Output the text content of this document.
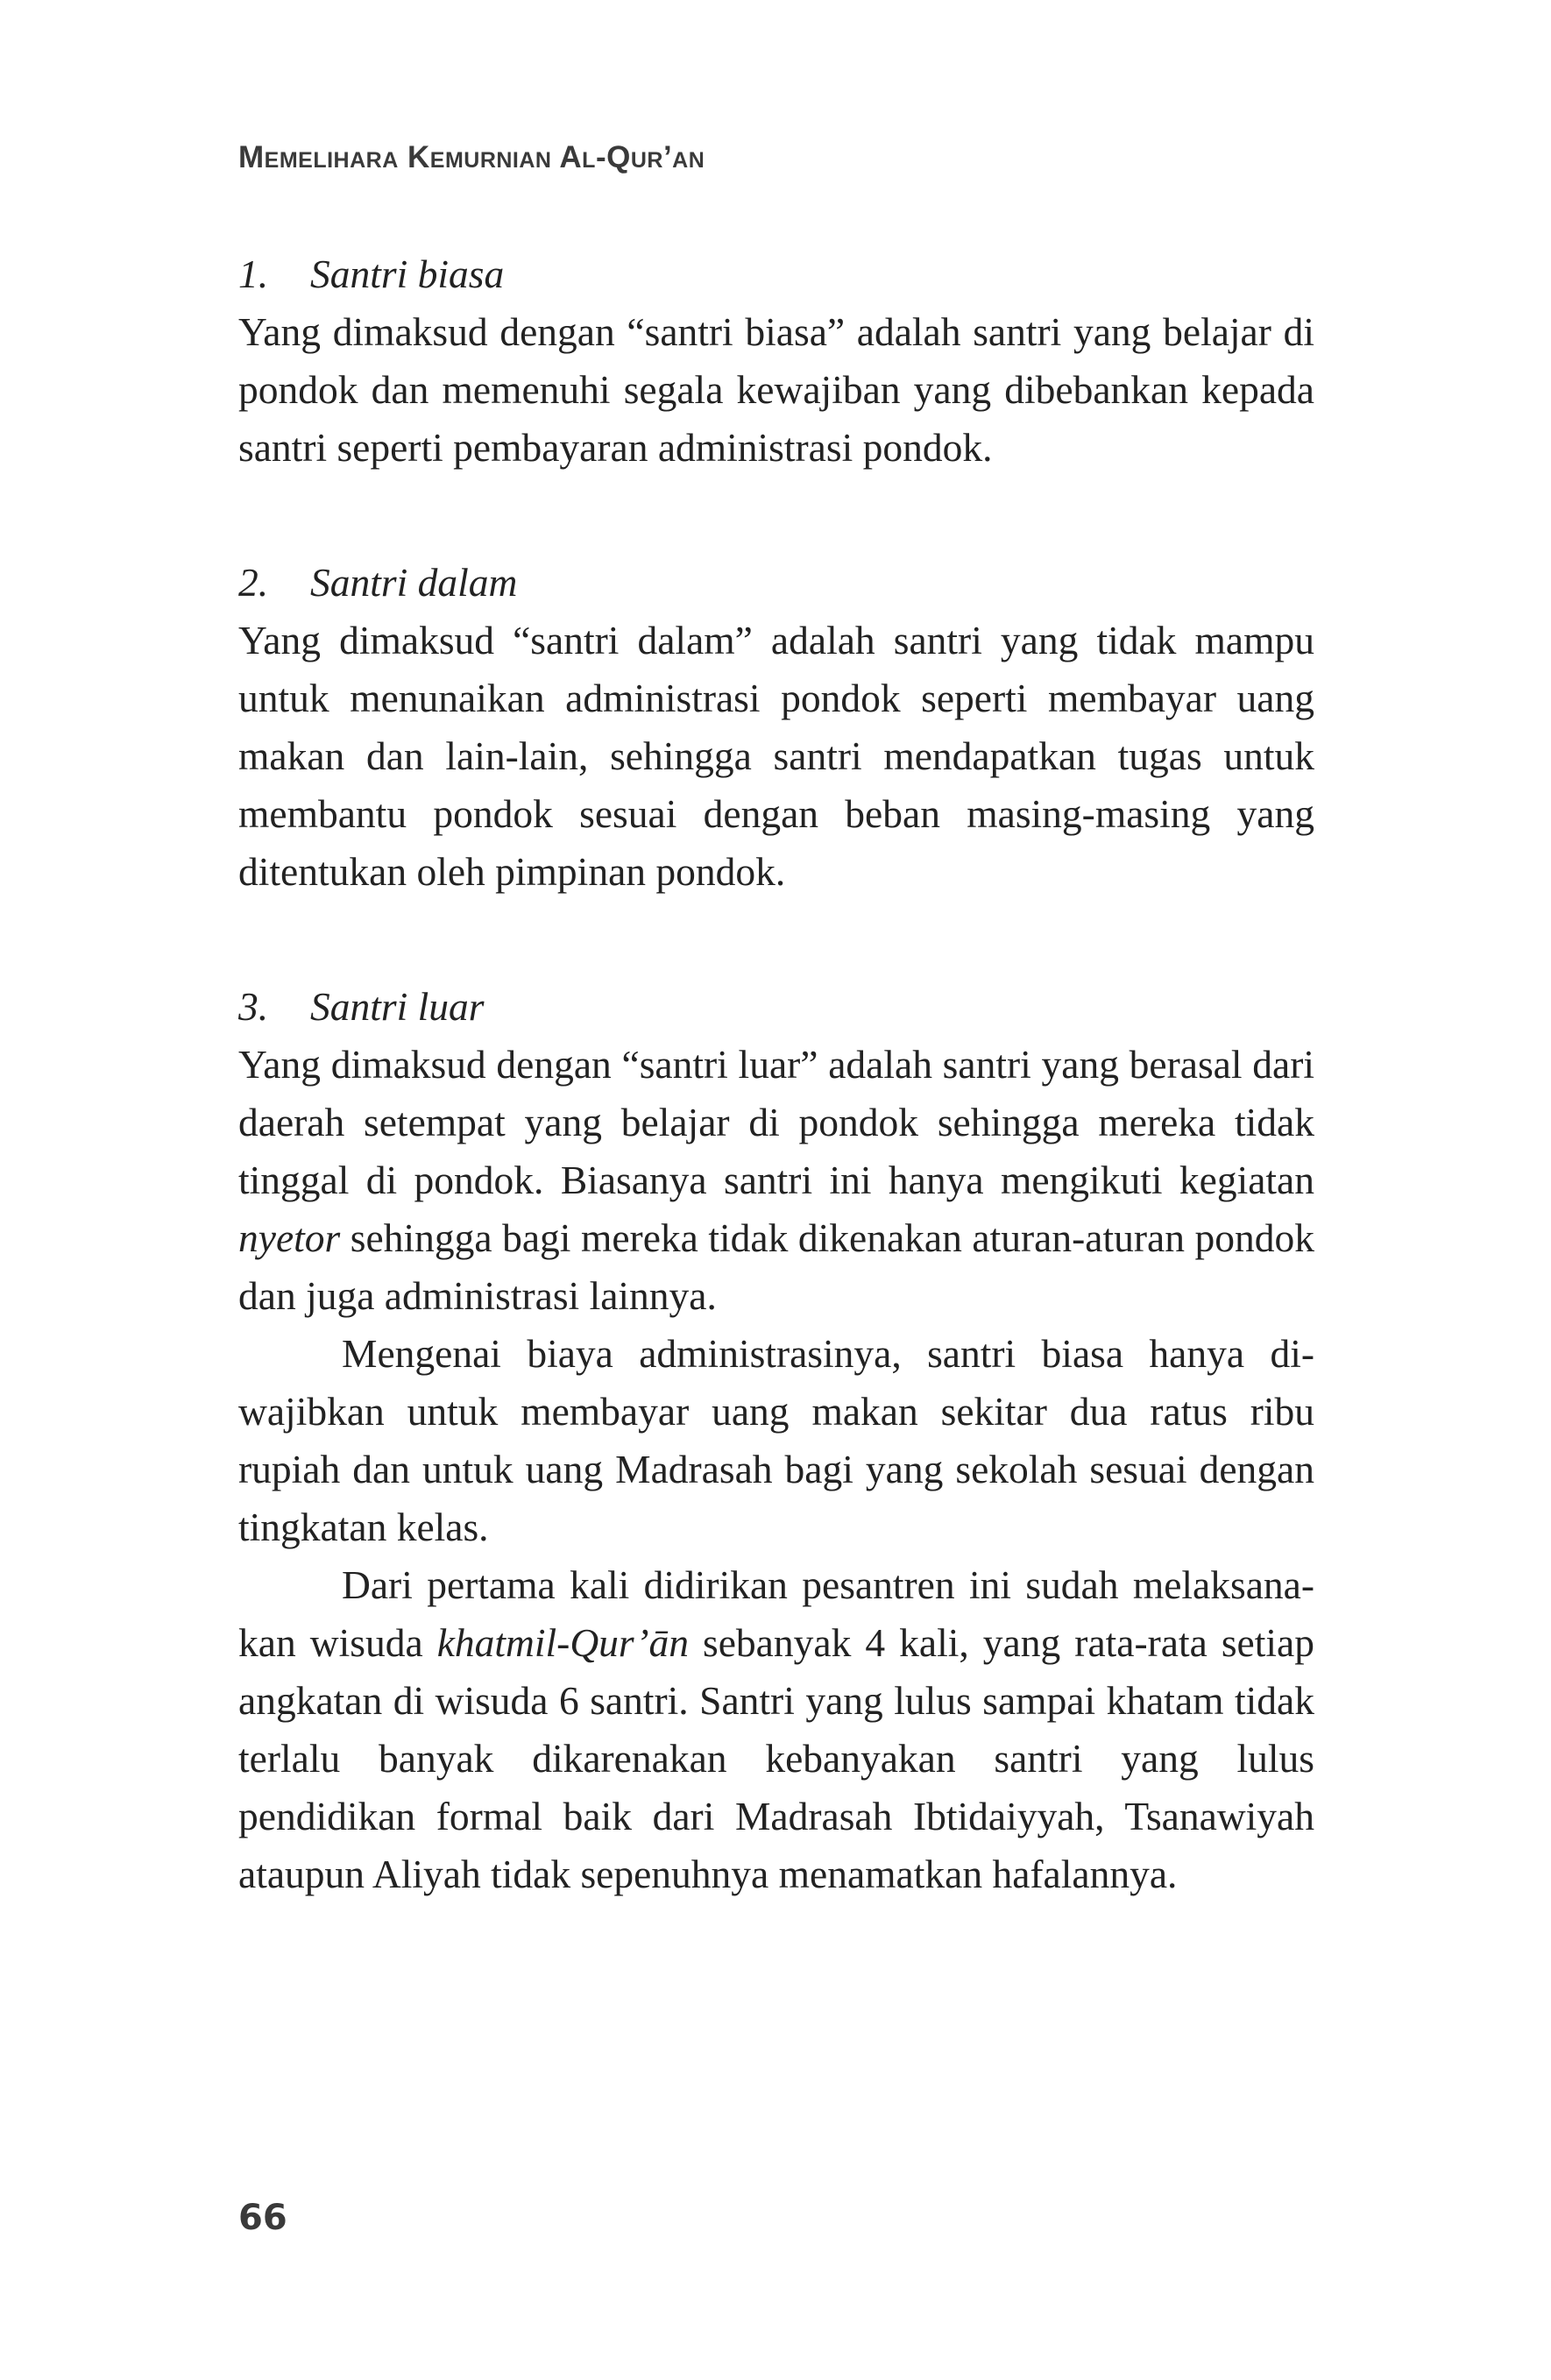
Memelihara Kemurnian Al-Qur’an

1. Santri biasa

Yang dimaksud dengan “santri biasa” adalah santri yang belajar di pondok dan memenuhi segala kewajiban yang dibebankan kepada santri seperti pembayaran administrasi pondok.

2. Santri dalam

Yang dimaksud “santri dalam” adalah santri yang tidak mampu untuk menunaikan administrasi pondok seperti membayar uang makan dan lain-lain, sehingga santri mendapatkan tugas untuk membantu pondok sesuai dengan beban masing-masing yang ditentukan oleh pimpinan pondok.

3. Santri luar

Yang dimaksud dengan “santri luar” adalah santri yang berasal dari daerah setempat yang belajar di pondok sehingga mereka tidak tinggal di pondok. Biasanya santri ini hanya mengikuti kegiatan nyetor sehingga bagi mereka tidak dikenakan aturan-aturan pondok dan juga administrasi lainnya.

Mengenai biaya administrasinya, santri biasa hanya diwajibkan untuk membayar uang makan sekitar dua ratus ribu rupiah dan untuk uang Madrasah bagi yang sekolah sesuai dengan tingkatan kelas.

Dari pertama kali didirikan pesantren ini sudah melaksanakan wisuda khatmil-Qur’ān sebanyak 4 kali, yang rata-rata setiap angkatan di wisuda 6 santri. Santri yang lulus sampai khatam tidak terlalu banyak dikarenakan kebanyakan santri yang lulus pendidikan formal baik dari Madrasah Ibtidaiyyah, Tsanawiyah ataupun Aliyah tidak sepenuhnya menamatkan hafalannya.

66
